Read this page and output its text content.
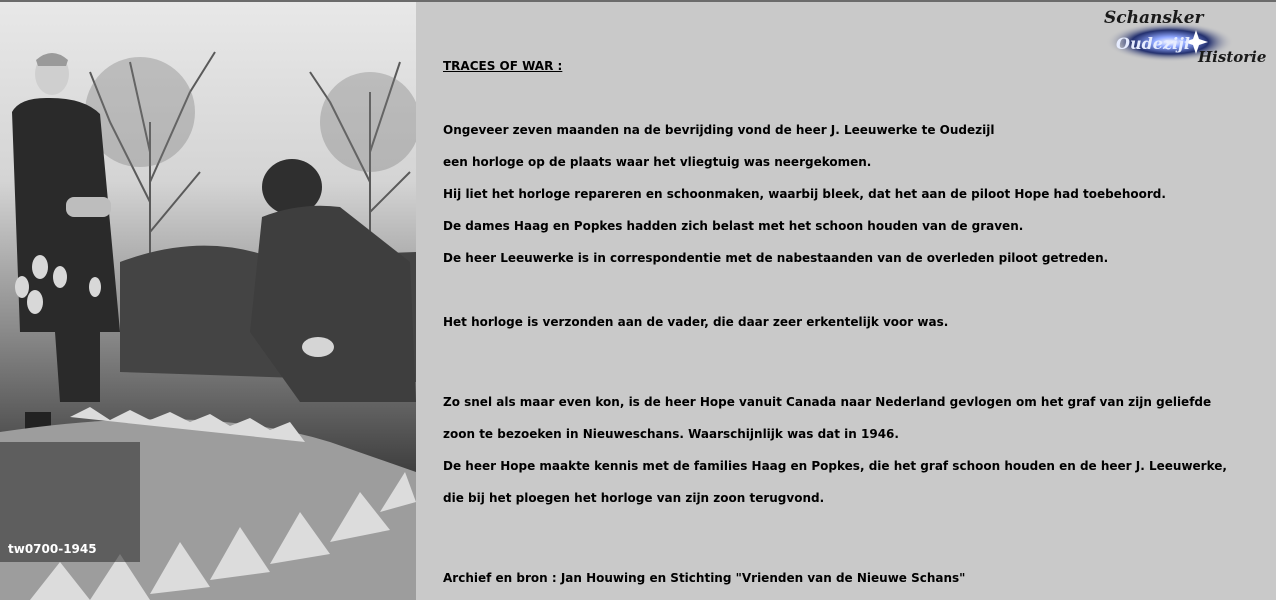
tw0700-1945
Schansker
Oudezijl
Historie
TRACES OF WAR :
Ongeveer zeven maanden na de bevrijding vond de heer J. Leeuwerke te Oudezijl
een horloge op de plaats waar het vliegtuig was neergekomen.
Hij liet het horloge repareren en schoonmaken, waarbij bleek, dat het aan de piloot Hope had toebehoord.
De dames Haag en Popkes hadden zich belast met het schoon houden van de graven.
De heer Leeuwerke is in correspondentie met de nabestaanden van de overleden piloot getreden.
Het horloge is verzonden aan de vader, die daar zeer erkentelijk voor was.
Zo snel als maar even kon, is de heer Hope vanuit Canada naar Nederland gevlogen om het graf van zijn geliefde
zoon te bezoeken in Nieuweschans. Waarschijnlijk was dat in 1946.
De heer Hope maakte kennis met de families Haag en Popkes, die het graf schoon houden en de heer J. Leeuwerke,
die bij het ploegen het horloge van zijn zoon terugvond.
Archief en bron : Jan Houwing en Stichting "Vrienden van de Nieuwe Schans"
